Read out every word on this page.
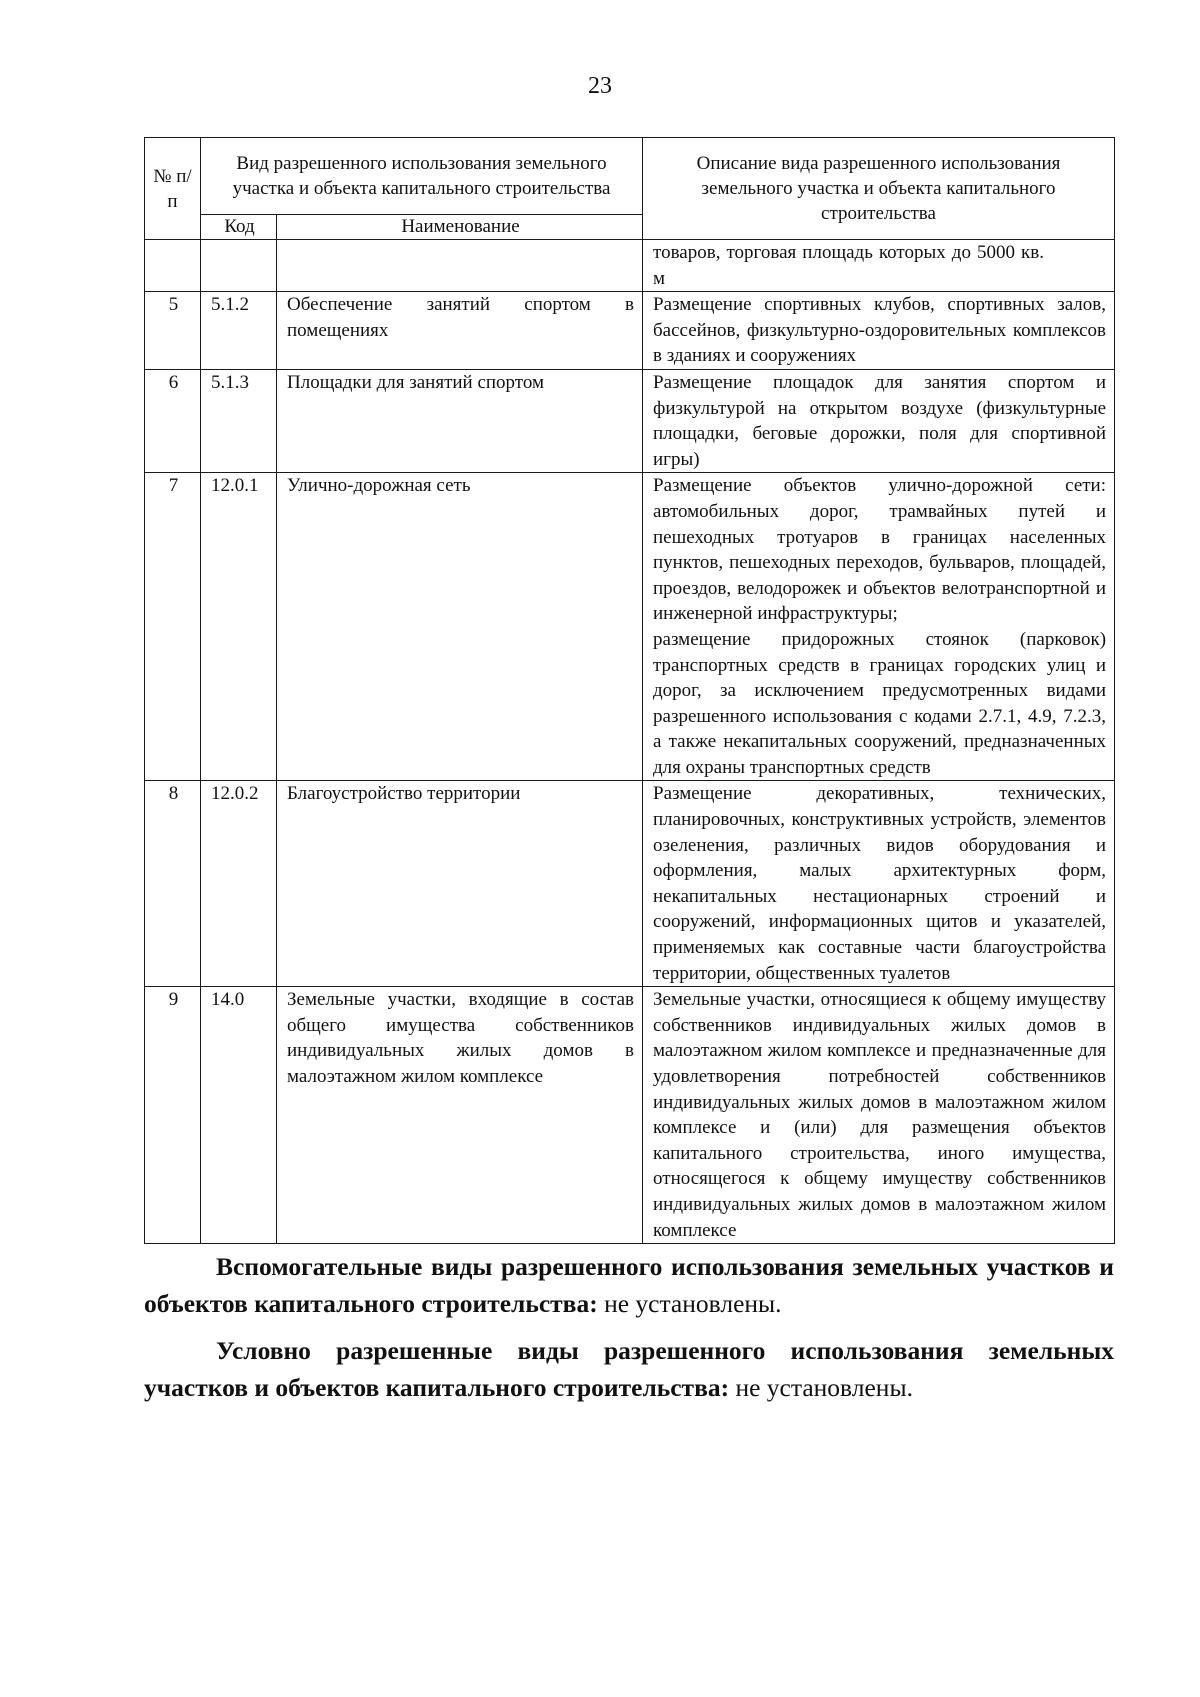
23
№ п/п	Вид разрешенного использования земельного участка и объекта капитального строительства		Описание вида разрешенного использования земельного участка и объекта капитального строительства
	Код	Наименование	

			товаров, торговая площадь которых до 5000 кв. м

5	5.1.2	Обеспечение занятий спортом в помещениях	Размещение спортивных клубов, спортивных залов, бассейнов, физкультурно-оздоровительных комплексов в зданиях и сооружениях

6	5.1.3	Площадки для занятий спортом	Размещение площадок для занятия спортом и физкультурой на открытом воздухе (физкультурные площадки, беговые дорожки, поля для спортивной игры)

7	12.0.1	Улично-дорожная сеть	Размещение объектов улично-дорожной сети: автомобильных дорог, трамвайных путей и пешеходных тротуаров в границах населенных пунктов, пешеходных переходов, бульваров, площадей, проездов, велодорожек и объектов велотранспортной и инженерной инфраструктуры;
размещение придорожных стоянок (парковок) транспортных средств в границах городских улиц и дорог, за исключением предусмотренных видами разрешенного использования с кодами 2.7.1, 4.9, 7.2.3, а также некапитальных сооружений, предназначенных для охраны транспортных средств

8	12.0.2	Благоустройство территории	Размещение декоративных, технических, планировочных, конструктивных устройств, элементов озеленения, различных видов оборудования и оформления, малых архитектурных форм, некапитальных нестационарных строений и сооружений, информационных щитов и указателей, применяемых как составные части благоустройства территории, общественных туалетов

9	14.0	Земельные участки, входящие в состав общего имущества собственников индивидуальных жилых домов в малоэтажном жилом комплексе	Земельные участки, относящиеся к общему имуществу собственников индивидуальных жилых домов в малоэтажном жилом комплексе и предназначенные для удовлетворения потребностей собственников индивидуальных жилых домов в малоэтажном жилом комплексе и (или) для размещения объектов капитального строительства, иного имущества, относящегося к общему имуществу собственников индивидуальных жилых домов в малоэтажном жилом комплексе

Вспомогательные виды разрешенного использования земельных участков и объектов капитального строительства: не установлены.

Условно разрешенные виды разрешенного использования земельных участков и объектов капитального строительства: не установлены.
